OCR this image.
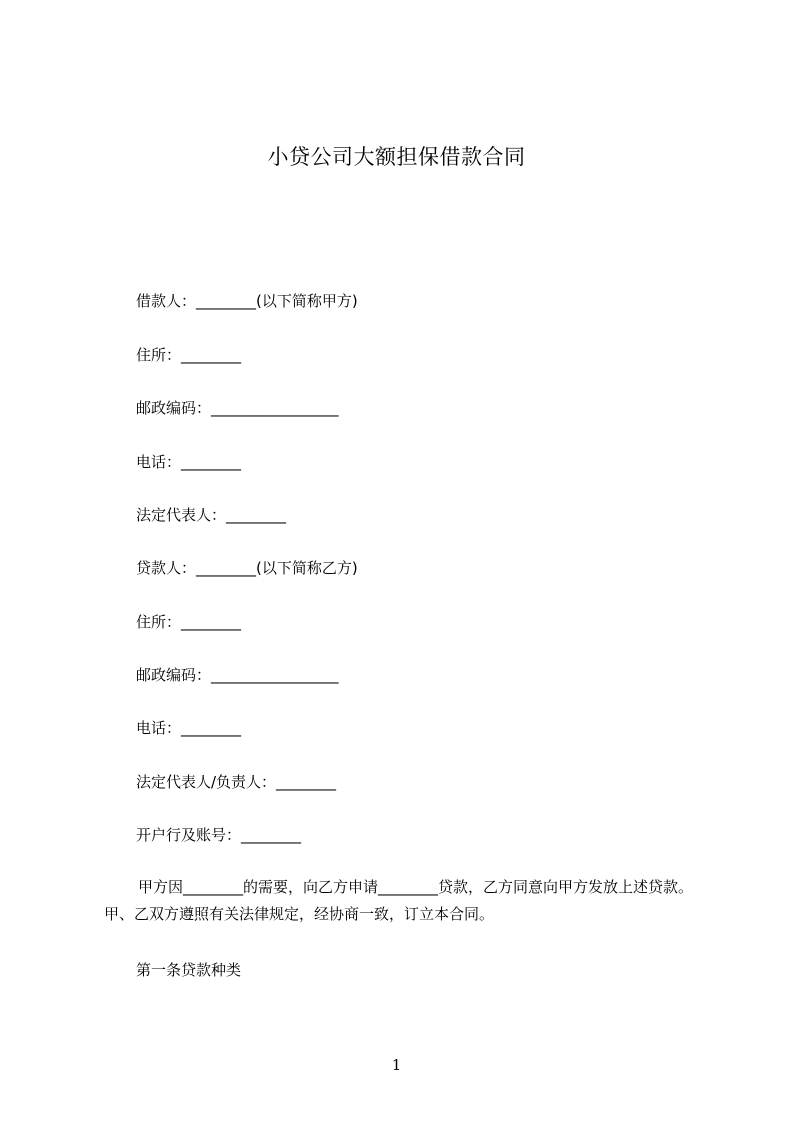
小贷公司大额担保借款合同
借款人：________(以下简称甲方)
住所：________
邮政编码：_________________
电话：________
法定代表人：________
贷款人：________(以下简称乙方)
住所：________
邮政编码：_________________
电话：________
法定代表人/负责人：________
开户行及账号：________
甲方因________的需要，向乙方申请________贷款，乙方同意向甲方发放上述贷款。甲、乙双方遵照有关法律规定，经协商一致，订立本合同。
第一条贷款种类
1
